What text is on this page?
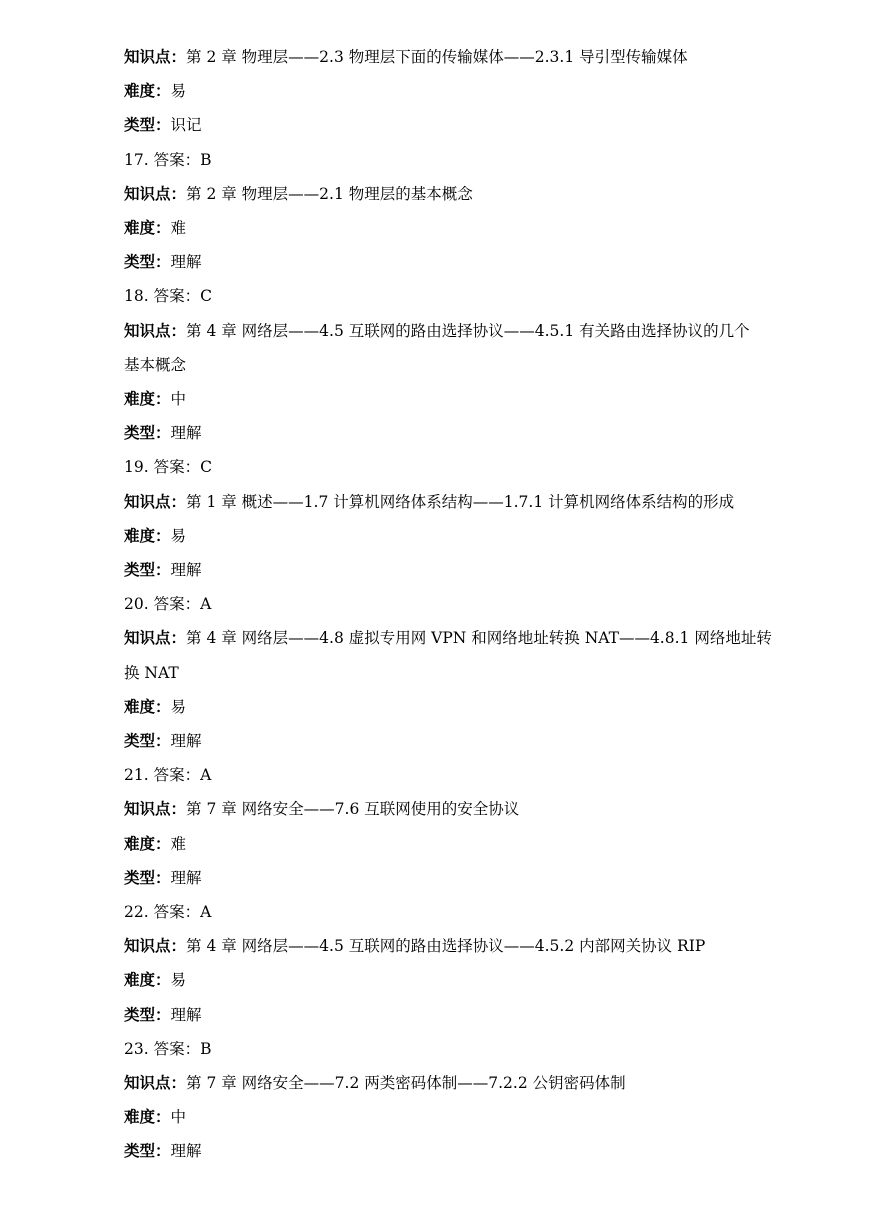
知识点：第 2 章 物理层——2.3 物理层下面的传输媒体——2.3.1 导引型传输媒体
难度：易
类型：识记
17. 答案：B
知识点：第 2 章 物理层——2.1 物理层的基本概念
难度：难
类型：理解
18. 答案：C
知识点：第 4 章 网络层——4.5 互联网的路由选择协议——4.5.1 有关路由选择协议的几个
基本概念
难度：中
类型：理解
19. 答案：C
知识点：第 1 章 概述——1.7 计算机网络体系结构——1.7.1 计算机网络体系结构的形成
难度：易
类型：理解
20. 答案：A
知识点：第 4 章 网络层——4.8 虚拟专用网 VPN 和网络地址转换 NAT——4.8.1 网络地址转
换 NAT
难度：易
类型：理解
21. 答案：A
知识点：第 7 章 网络安全——7.6 互联网使用的安全协议
难度：难
类型：理解
22. 答案：A
知识点：第 4 章 网络层——4.5 互联网的路由选择协议——4.5.2 内部网关协议 RIP
难度：易
类型：理解
23. 答案：B
知识点：第 7 章 网络安全——7.2 两类密码体制——7.2.2 公钥密码体制
难度：中
类型：理解
